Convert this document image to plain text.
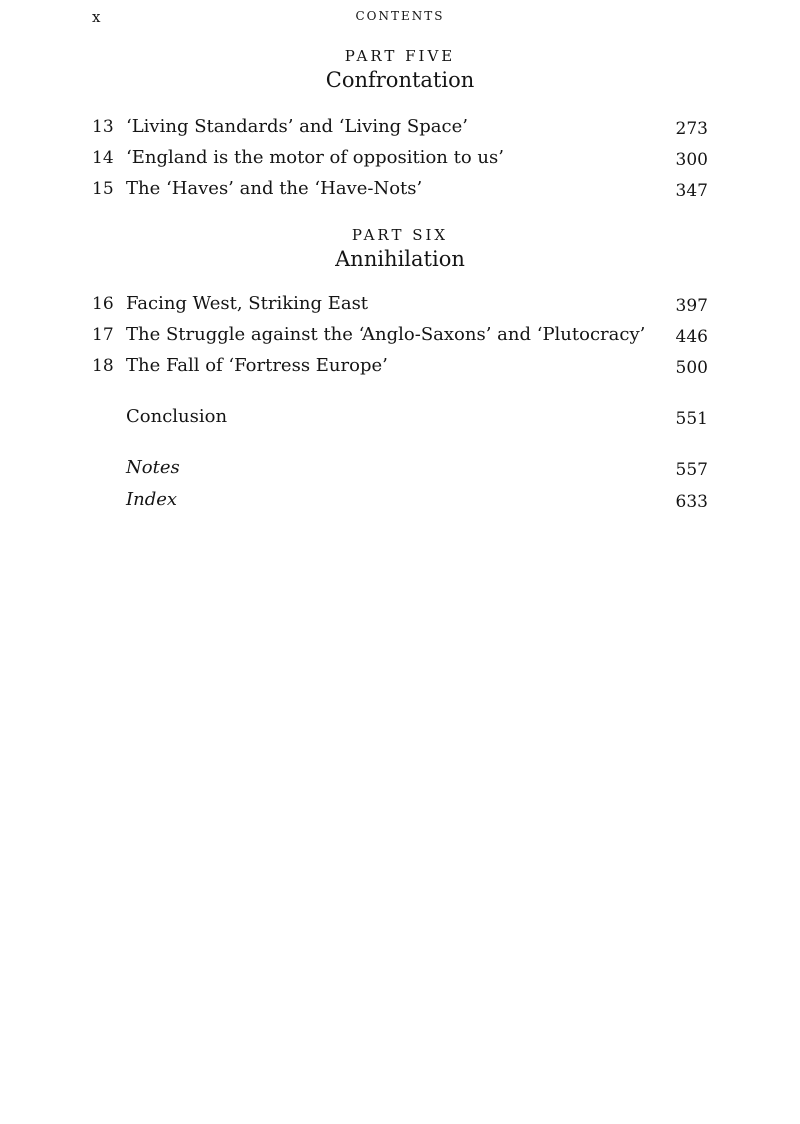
x	CONTENTS
PART FIVE
Confrontation
13 ‘Living Standards’ and ‘Living Space’	273
14 ‘England is the motor of opposition to us’	300
15 The ‘Haves’ and the ‘Have-Nots’	347
PART SIX
Annihilation
16 Facing West, Striking East	397
17 The Struggle against the ‘Anglo-Saxons’ and ‘Plutocracy’ 446
18 The Fall of ‘Fortress Europe’	500
Conclusion	551
Notes	557
Index	633
